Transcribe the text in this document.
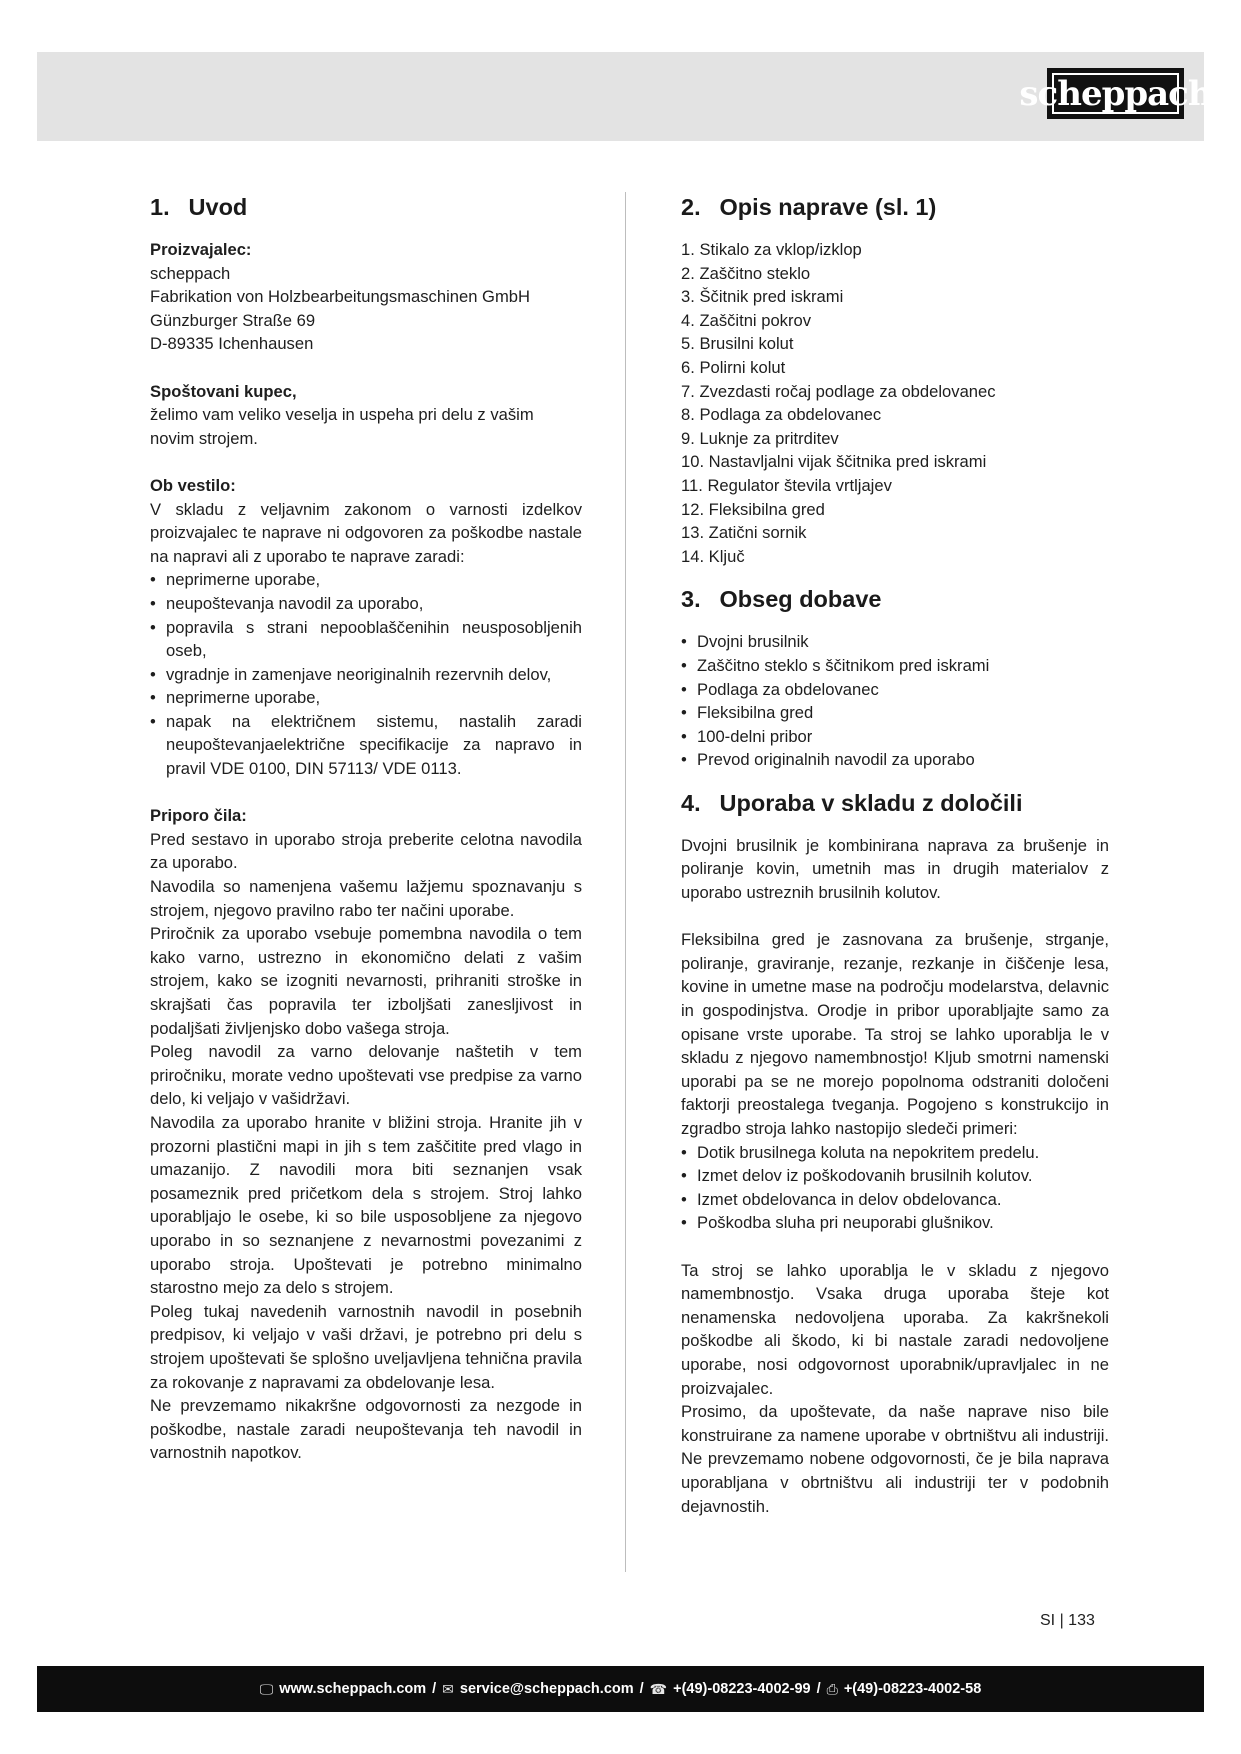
scheppach
1. Uvod

Proizvajalec:

scheppach

Fabrikation von Holzbearbeitungsmaschinen GmbH

Günzburger Straße 69

D-89335 Ichenhausen

Spoštovani kupec,

želimo vam veliko veselja in uspeha pri delu z vašim novim strojem.

Ob vestilo:

V skladu z veljavnim zakonom o varnosti izdelkov proizvajalec te naprave ni odgovoren za poškodbe nastale na napravi ali z uporabo te naprave zaradi:

• neprimerne uporabe,
• neupoštevanja navodil za uporabo,
• popravila s strani nepooblaščenihin neusposobljenih oseb,
• vgradnje in zamenjave neoriginalnih rezervnih delov,
• neprimerne uporabe,
• napak na električnem sistemu, nastalih zaradi neupoštevanjaelektrične specifikacije za napravo in pravil VDE 0100, DIN 57113/ VDE 0113.

Priporo čila:

Pred sestavo in uporabo stroja preberite celotna navodila za uporabo.

Navodila so namenjena vašemu lažjemu spoznavanju s strojem, njegovo pravilno rabo ter načini uporabe.

Priročnik za uporabo vsebuje pomembna navodila o tem kako varno, ustrezno in ekonomično delati z vašim strojem, kako se izogniti nevarnosti, prihraniti stroške in skrajšati čas popravila ter izboljšati zanesljivost in podaljšati življenjsko dobo vašega stroja.

Poleg navodil za varno delovanje naštetih v tem priročniku, morate vedno upoštevati vse predpise za varno delo, ki veljajo v vašidržavi.

Navodila za uporabo hranite v bližini stroja. Hranite jih v prozorni plastični mapi in jih s tem zaščitite pred vlago in umazanijo. Z navodili mora biti seznanjen vsak posameznik pred pričetkom dela s strojem. Stroj lahko uporabljajo le osebe, ki so bile usposobljene za njegovo uporabo in so seznanjene z nevarnostmi povezanimi z uporabo stroja. Upoštevati je potrebno minimalno starostno mejo za delo s strojem.

Poleg tukaj navedenih varnostnih navodil in posebnih predpisov, ki veljajo v vaši državi, je potrebno pri delu s strojem upoštevati še splošno uveljavljena tehnična pravila za rokovanje z napravami za obdelovanje lesa.

Ne prevzemamo nikakršne odgovornosti za nezgode in poškodbe, nastale zaradi neupoštevanja teh navodil in varnostnih napotkov.

2. Opis naprave (sl. 1)
1. Stikalo za vklop/izklop
2. Zaščitno steklo
3. Ščitnik pred iskrami
4. Zaščitni pokrov
5. Brusilni kolut
6. Polirni kolut
7. Zvezdasti ročaj podlage za obdelovanec
8. Podlaga za obdelovanec
9. Luknje za pritrditev
10. Nastavljalni vijak ščitnika pred iskrami
11. Regulator števila vrtljajev
12. Fleksibilna gred
13. Zatični sornik
14. Ključ
3. Obseg dobave
• Dvojni brusilnik
• Zaščitno steklo s ščitnikom pred iskrami
• Podlaga za obdelovanec
• Fleksibilna gred
• 100-delni pribor
• Prevod originalnih navodil za uporabo
4. Uporaba v skladu z določili

Dvojni brusilnik je kombinirana naprava za brušenje in poliranje kovin, umetnih mas in drugih materialov z uporabo ustreznih brusilnih kolutov.

Fleksibilna gred je zasnovana za brušenje, strganje, poliranje, graviranje, rezanje, rezkanje in čiščenje lesa, kovine in umetne mase na področju modelarstva, delavnic in gospodinjstva. Orodje in pribor uporabljajte samo za opisane vrste uporabe. Ta stroj se lahko uporablja le v skladu z njegovo namembnostjo! Kljub smotrni namenski uporabi pa se ne morejo popolnoma odstraniti določeni faktorji preostalega tveganja. Pogojeno s konstrukcijo in zgradbo stroja lahko nastopijo sledeči primeri:

• Dotik brusilnega koluta na nepokritem predelu.
• Izmet delov iz poškodovanih brusilnih kolutov.
• Izmet obdelovanca in delov obdelovanca.
• Poškodba sluha pri neuporabi glušnikov.

Ta stroj se lahko uporablja le v skladu z njegovo namembnostjo. Vsaka druga uporaba šteje kot nenamenska nedovoljena uporaba. Za kakršnekoli poškodbe ali škodo, ki bi nastale zaradi nedovoljene uporabe, nosi odgovornost uporabnik/upravljalec in ne proizvajalec.

Prosimo, da upoštevate, da naše naprave niso bile konstruirane za namene uporabe v obrtništvu ali industriji. Ne prevzemamo nobene odgovornosti, če je bila naprava uporabljana v obrtništvu ali industriji ter v podobnih dejavnostih.

SI | 133
🖵 www.scheppach.com / ✉ service@scheppach.com / ☎ +(49)-08223-4002-99 / ⎙ +(49)-08223-4002-58
